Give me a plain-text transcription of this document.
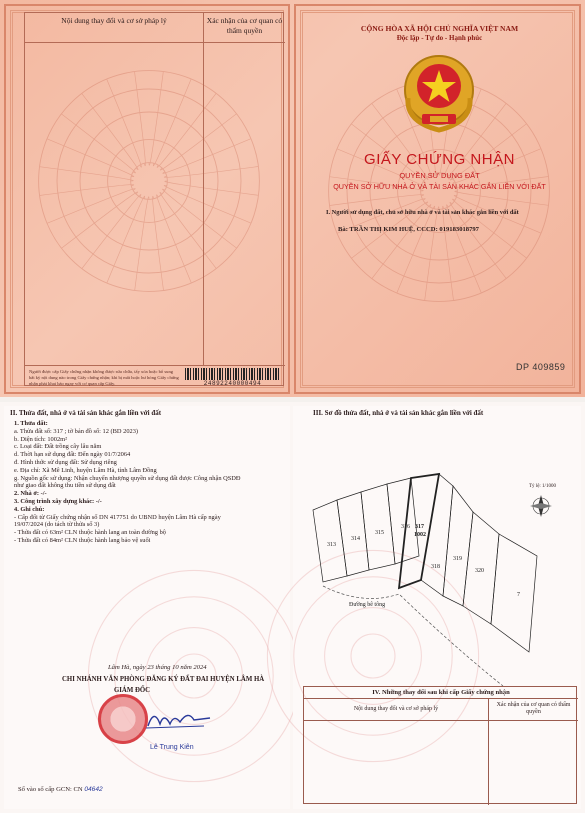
Nội dung thay đổi và cơ sở pháp lý	Xác nhận của cơ quan có thẩm quyền
Người được cấp Giấy chứng nhận không được sửa chữa, tẩy xóa hoặc bổ sung bất kỳ nội dung nào trong Giấy chứng nhận; khi bị mất hoặc hư hỏng Giấy chứng nhận phải khai báo ngay với cơ quan cấp Giấy.	24892240000494
CỘNG HÒA XÃ HỘI CHỦ NGHĨA VIỆT NAM
Độc lập - Tự do - Hạnh phúc
GIẤY CHỨNG NHẬN
QUYỀN SỬ DỤNG ĐẤT
QUYỀN SỞ HỮU NHÀ Ở VÀ TÀI SẢN KHÁC GẮN LIỀN VỚI ĐẤT
I. Người sử dụng đất, chủ sở hữu nhà ở và tài sản khác gắn liền với đất
Bà: TRẦN THỊ KIM HUỆ, CCCD: 019183018797
DP 409859
II. Thửa đất, nhà ở và tài sản khác gắn liền với đất
1. Thửa đất:
a. Thửa đất số: 317 ; tờ bản đồ số: 12 (BD 2023)
b. Diện tích: 1002m²
c. Loại đất: Đất trồng cây lâu năm
d. Thời hạn sử dụng đất: Đến ngày 01/7/2064
đ. Hình thức sử dụng đất: Sử dụng riêng
e. Địa chỉ: Xã Mê Linh, huyện Lâm Hà, tỉnh Lâm Đồng
g. Nguồn gốc sử dụng: Nhận chuyển nhượng quyền sử dụng đất được Công nhận QSDĐ
như giao đất không thu tiền sử dụng đất
2. Nhà ở: -/-
3. Công trình xây dựng khác: -/-
4. Ghi chú:
- Cấp đổi từ Giấy chứng nhận số DN 417751 do UBND huyện Lâm Hà cấp ngày
19/07/2024 (do tách từ thửa số 3)
- Thửa đất có 63m² CLN thuộc hành lang an toàn đường bộ
- Thửa đất có 84m² CLN thuộc hành lang bảo vệ suối
Lâm Hà, ngày 23 tháng 10 năm 2024
CHI NHÁNH VĂN PHÒNG ĐĂNG KÝ ĐẤT ĐAI HUYỆN LÂM HÀ
GIÁM ĐỐC
Lê Trung Kiên
Số vào sổ cấp GCN: CN 04642
III. Sơ đồ thửa đất, nhà ở và tài sản khác gắn liền với đất
313
314
315
316
318
319
320
7
317
1002
Đường bê tông
Tỷ lệ: 1/1000
IV. Những thay đổi sau khi cấp Giấy chứng nhận
Nội dung thay đổi và cơ sở pháp lý
Xác nhận của cơ quan có thẩm quyền
